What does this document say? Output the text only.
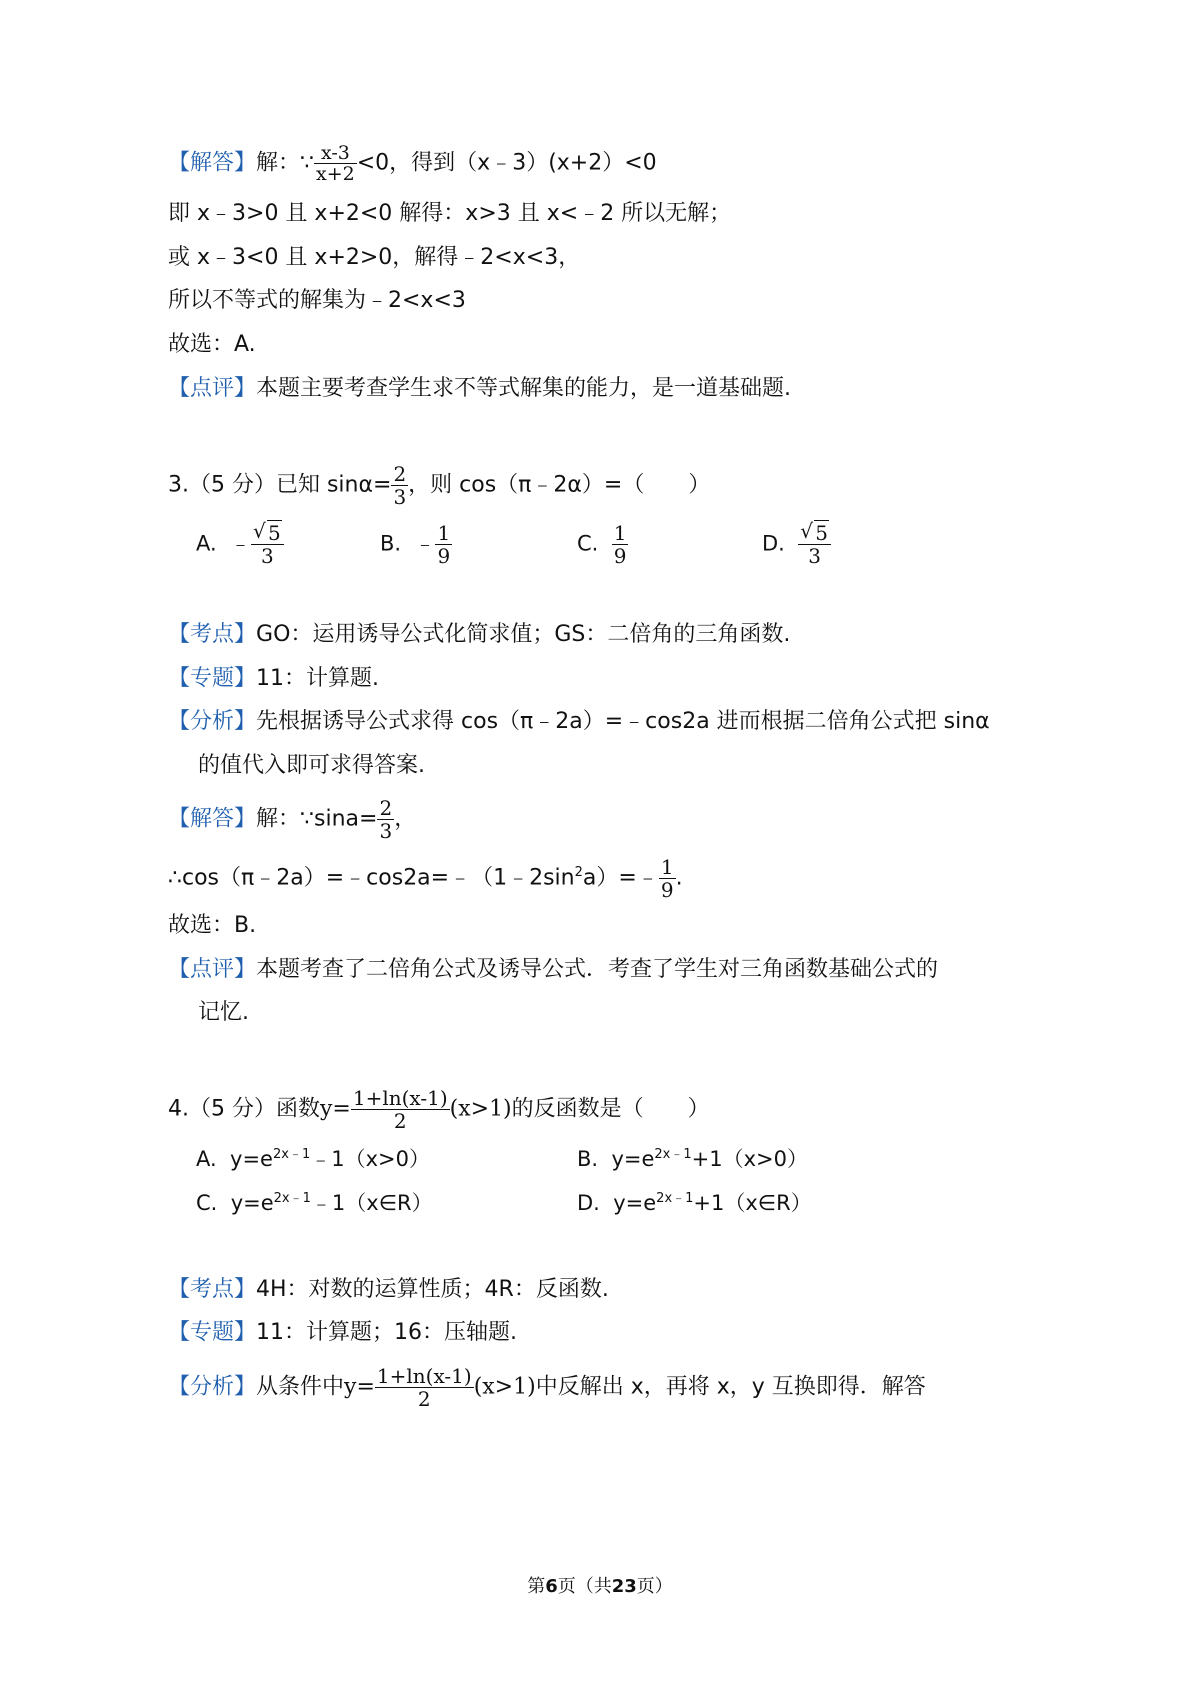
【解答】解：∵ $\frac{x-3}{x+2} <0$，得到（x﹣3）(x+2）<0
即 x﹣3>0 且 x+2<0 解得：x>3 且 x<﹣2 所以无解；
或 x﹣3<0 且 x+2>0，解得﹣2<x<3，
所以不等式的解集为﹣2<x<3
故选：A.
【点评】本题主要考查学生求不等式解集的能力，是一道基础题.
3.（5 分）已知 $\sin\alpha= \frac{2}{3}$ ，则 cos（π﹣2α）=（　　）
A. ﹣ $\frac{√ 5}{3}$	B. ﹣ $\frac{1}{9}$	C. $\frac{1}{9}$	D. $\frac{√ 5}{3}$
【考点】GO：运用诱导公式化简求值；GS：二倍角的三角函数.
【专题】11：计算题.
【分析】先根据诱导公式求得 cos（π﹣2a）=﹣cos2a 进而根据二倍角公式把 sinα
的值代入即可求得答案.
【解答】解：∵sina= $\frac{2}{3}$ ，
$\therefore\cos(\pi﹣2a)=﹣\cos 2a=﹣(1﹣2\sin^2a)=﹣ \frac{1}{9}$ .
故选：B.
【点评】本题考查了二倍角公式及诱导公式．考查了学生对三角函数基础公式的
记忆.
4.（5 分）函数$y= \frac{1+\ln(x-1)}{2} (x>1)$的反函数是（　　）
A. $y=e^{2x﹣1}﹣1(x>0)$	B. $y=e^{2x﹣1}+1(x>0)$
C. $y=e^{2x﹣1}﹣1(x\in R)$	D. $y=e^{2x﹣1}+1(x\in R)$
【考点】4H：对数的运算性质；4R：反函数.
【专题】11：计算题；16：压轴题.
【分析】从条件中$y= \frac{1+\ln(x-1)}{2} (x>1)$中反解出 x，再将 x，y 互换即得．解答
第6页（共23页）
